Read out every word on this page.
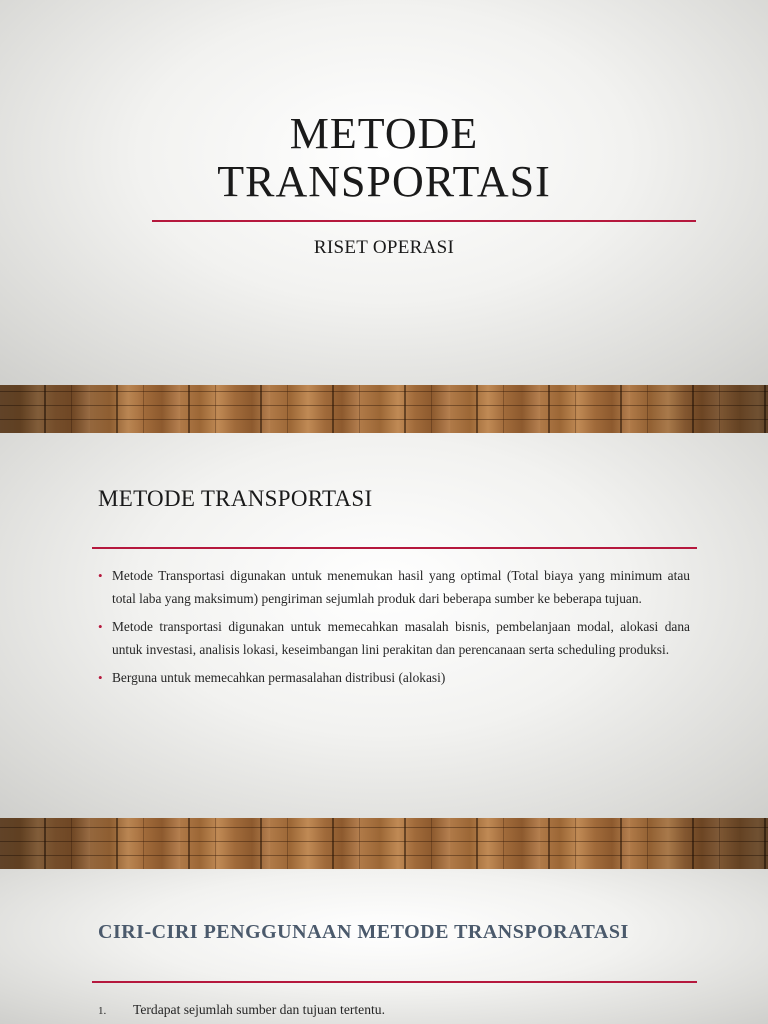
METODE
TRANSPORTASI
RISET OPERASI
METODE TRANSPORTASI
• Metode Transportasi digunakan untuk menemukan hasil yang optimal (Total biaya yang minimum atau total laba yang maksimum) pengiriman sejumlah produk dari beberapa sumber ke beberapa tujuan.
• Metode transportasi digunakan untuk memecahkan masalah bisnis, pembelanjaan modal, alokasi dana untuk investasi, analisis lokasi, keseimbangan lini perakitan dan perencanaan serta scheduling produksi.
• Berguna untuk memecahkan permasalahan distribusi (alokasi)
CIRI-CIRI PENGGUNAAN METODE TRANSPORATASI
1. Terdapat sejumlah sumber dan tujuan tertentu.
